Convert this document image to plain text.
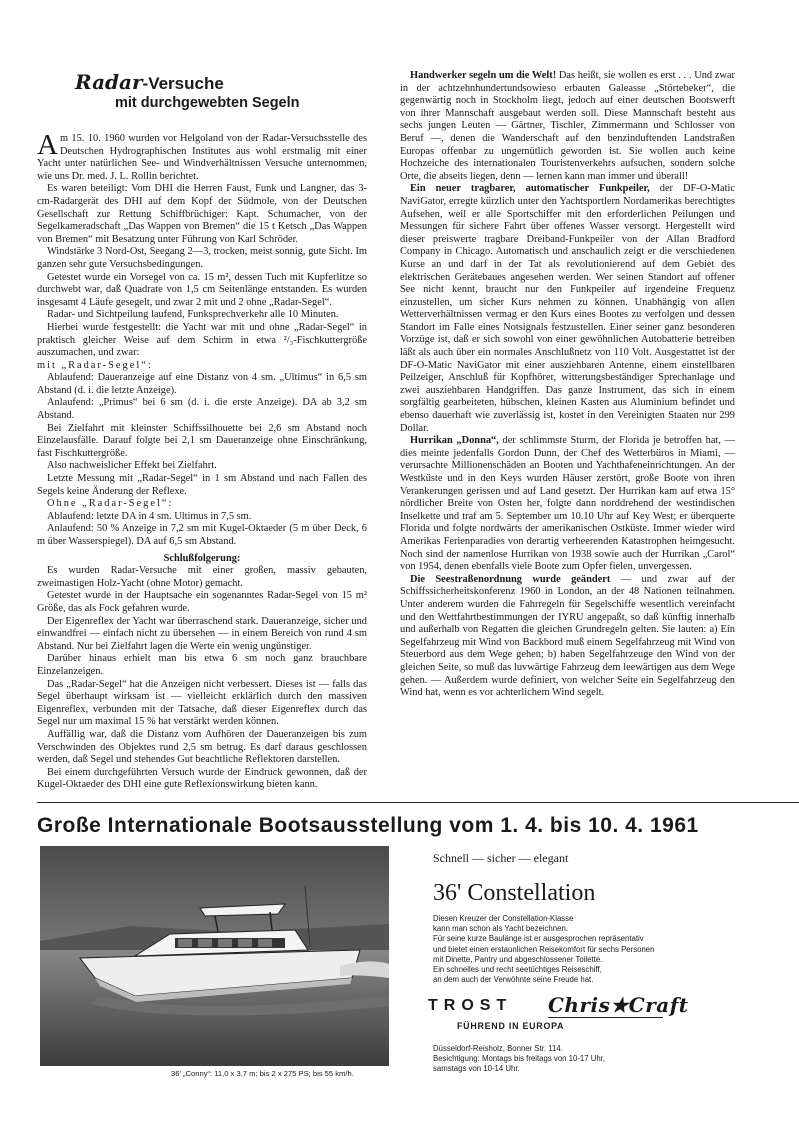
Radar-Versuche
mit durchgewebten Segeln

Am 15. 10. 1960 wurden vor Helgoland von der Radar-Versuchsstelle des Deutschen Hydrographischen Institutes aus wohl erstmalig mit einer Yacht unter natürlichen See- und Windverhältnissen Versuche unternommen, wie uns Dr. med. J. L. Rollin berichtet.

Es waren beteiligt: Vom DHI die Herren Faust, Funk und Langner, das 3-cm-Radargerät des DHI auf dem Kopf der Südmole, von der Deutschen Gesellschaft zur Rettung Schiffbrüchiger: Kapt. Schumacher, von der Segelkameradschaft „Das Wappen von Bremen“ die 15 t Ketsch „Das Wappen von Bremen“ mit Besatzung unter Führung von Karl Schröder.

Windstärke 3 Nord-Ost, Seegang 2—3, trocken, meist sonnig, gute Sicht. Im ganzen sehr gute Versuchsbedingungen.

Getestet wurde ein Vorsegel von ca. 15 m², dessen Tuch mit Kupferlitze so durchwebt war, daß Quadrate von 1,5 cm Seitenlänge entstanden. Es wurden insgesamt 4 Läufe gesegelt, und zwar 2 mit und 2 ohne „Radar-Segel“.

Radar- und Sichtpeilung laufend, Funksprechverkehr alle 10 Minuten.

Hierbei wurde festgestellt: die Yacht war mit und ohne „Radar-Segel“ in praktisch gleicher Weise auf dem Schirm in etwa ²/₃-Fischkuttergröße auszumachen, und zwar:

mit „Radar-Segel“:

Ablaufend: Daueranzeige auf eine Distanz von 4 sm. „Ultimus“ in 6,5 sm Abstand (d. i. die letzte Anzeige).

Anlaufend: „Primus“ bei 6 sm (d. i. die erste Anzeige). DA ab 3,2 sm Abstand.

Bei Zielfahrt mit kleinster Schiffssilhouette bei 2,6 sm Abstand noch Einzelausfälle. Darauf folgte bei 2,1 sm Daueranzeige ohne Einschränkung, fast Fischkuttergröße.

Also nachweislicher Effekt bei Zielfahrt.

Letzte Messung mit „Radar-Segel“ in 1 sm Abstand und nach Fallen des Segels keine Änderung der Reflexe.

Ohne „Radar-Segel“:

Ablaufend: letzte DA in 4 sm. Ultimus in 7,5 sm.

Anlaufend: 50 % Anzeige in 7,2 sm mit Kugel-Oktaeder (5 m über Deck, 6 m über Wasserspiegel). DA auf 6,5 sm Abstand.

Schlußfolgerung:

Es wurden Radar-Versuche mit einer großen, massiv gebauten, zweimastigen Holz-Yacht (ohne Motor) gemacht.

Getestet wurde in der Hauptsache ein sogenanntes Radar-Segel von 15 m² Größe, das als Fock gefahren wurde.

Der Eigenreflex der Yacht war überraschend stark. Daueranzeige, sicher und einwandfrei — einfach nicht zu übersehen — in einem Bereich von rund 4 sm Abstand. Nur bei Zielfahrt lagen die Werte ein wenig ungünstiger.

Darüber hinaus erhielt man bis etwa 6 sm noch ganz brauchbare Einzelanzeigen.

Das „Radar-Segel“ hat die Anzeigen nicht verbessert. Dieses ist — falls das Segel überhaupt wirksam ist — vielleicht erklärlich durch den massiven Eigenreflex, verbunden mit der Tatsache, daß dieser Eigenreflex durch das Segel nur um maximal 15 % hat verstärkt werden können.

Auffällig war, daß die Distanz vom Aufhören der Daueranzeigen bis zum Verschwinden des Objektes rund 2,5 sm betrug. Es darf daraus geschlossen werden, daß Segel und stehendes Gut beachtliche Reflektoren darstellen.

Bei einem durchgeführten Versuch wurde der Eindruck gewonnen, daß der Kugel-Oktaeder des DHI eine gute Reflexionswirkung bieten kann.

Handwerker segeln um die Welt! Das heißt, sie wollen es erst . . . Und zwar in der achtzehnhundertundsowieso erbauten Galeasse „Störtebeker“, die gegenwärtig noch in Stockholm liegt, jedoch auf einer deutschen Bootswerft von ihrer Mannschaft ausgebaut werden soll. Diese Mannschaft besteht aus sechs jungen Leuten — Gärtner, Tischler, Zimmermann und Schlosser von Beruf —, denen die Wanderschaft auf den benzinduftenden Landstraßen Europas offenbar zu ungemütlich geworden ist. Sie wollen auch keine Hochzeiche des internationalen Touristenverkehrs aufsuchen, sondern solche Orte, die abseits liegen, denn — lernen kann man immer und überall!

Ein neuer tragbarer, automatischer Funkpeiler, der DF-O-Matic NaviGator, erregte kürzlich unter den Yachtsportlern Nordamerikas berechtigtes Aufsehen, weil er alle Sportschiffer mit den erforderlichen Peilungen und Messungen für sichere Fahrt über offenes Wasser versorgt. Hergestellt wird dieser preiswerte tragbare Dreiband-Funkpeiler von der Allan Bradford Company in Chicago. Automatisch und anschaulich zeigt er die verschiedenen Kurse an und darf in der Tat als revolutionierend auf dem Gebiet des elektrischen Gerätebaues angesehen werden. Wer seinen Standort auf offener See nicht kennt, braucht nur den Funkpeiler auf irgendeine Frequenz einzustellen, um sicher Kurs nehmen zu können. Unabhängig von allen Wetterverhältnissen vermag er den Kurs eines Bootes zu verfolgen und dessen Standort im Falle eines Notsignals festzustellen. Einer seiner ganz besonderen Vorzüge ist, daß er sich sowohl von einer gewöhnlichen Autobatterie betreiben läßt als auch über ein normales Anschlußnetz von 110 Volt. Ausgestattet ist der DF-O-Matic NaviGator mit einer ausziehbaren Antenne, einem einstellbaren Peilzeiger, Anschluß für Kopfhörer, witterungsbeständiger Sprechanlage und zwei ausziehbaren Handgriffen. Das ganze Instrument, das sich in einem sorgfältig gearbeiteten, hübschen, kleinen Kasten aus Aluminium befindet und ebenso dauerhaft wie zuverlässig ist, kostet in den Vereinigten Staaten nur 299 Dollar.

Hurrikan „Donna“, der schlimmste Sturm, der Florida je betroffen hat, — dies meinte jedenfalls Gordon Dunn, der Chef des Wetterbüros in Miami, — verursachte Millionenschäden an Booten und Yachthafeneinrichtungen. An der Westküste und in den Keys wurden Häuser zerstört, große Boote von ihren Verankerungen gerissen und auf Land gesetzt. Der Hurrikan kam auf etwa 15° nördlicher Breite von Osten her, folgte dann norddrehend der westindischen Inselkette und traf am 5. September um 10.10 Uhr auf Key West; er überquerte Florida und folgte nordwärts der amerikanischen Ostküste. Immer wieder wird Amerikas Ferienparadies von derartig verheerenden Katastrophen heimgesucht. Noch sind der namenlose Hurrikan von 1938 sowie auch der Hurrikan „Carol“ von 1954, denen ebenfalls viele Boote zum Opfer fielen, unvergessen.

Die Seestraßenordnung wurde geändert — und zwar auf der Schiffssicherheitskonferenz 1960 in London, an der 48 Nationen teilnahmen. Unter anderem wurden die Fahrregeln für Segelschiffe wesentlich vereinfacht und den Wettfahrtbestimmungen der IYRU angepaßt, so daß künftig innerhalb und außerhalb von Regatten die gleichen Grundregeln gelten. Sie lauten: a) Ein Segelfahrzeug mit Wind von Backbord muß einem Segelfahrzeug mit Wind von Steuerbord aus dem Wege gehen; b) haben Segelfahrzeuge den Wind von der gleichen Seite, so muß das luvwärtige Fahrzeug dem leewärtigen aus dem Wege gehen. — Außerdem wurde definiert, von welcher Seite ein Segelfahrzeug den Wind hat, wenn es vor achterlichem Wind segelt.

Große Internationale Bootsausstellung vom 1. 4. bis 10. 4. 1961
36' „Conny“: 11,0 x 3,7 m; bis 2 x 275 PS; bis 55 km/h.
Schnell — sicher — elegant
36' Constellation
Diesen Kreuzer der Constellation-Klasse
kann man schon als Yacht bezeichnen.
Für seine kurze Baulänge ist er ausgesprochen repräsentativ
und bietet einen erstaunlichen Reisekomfort für sechs Personen
mit Dinette, Pantry und abgeschlossener Toilette.
Ein schnelles und recht seetüchtiges Reiseschiff,
an dem auch der Verwöhnte seine Freude hat.
TROST Chris★Craft
FÜHREND IN EUROPA
Düsseldorf-Reisholz, Bonner Str. 114.
Besichtigung: Montags bis freitags von 10-17 Uhr,
samstags von 10-14 Uhr.
